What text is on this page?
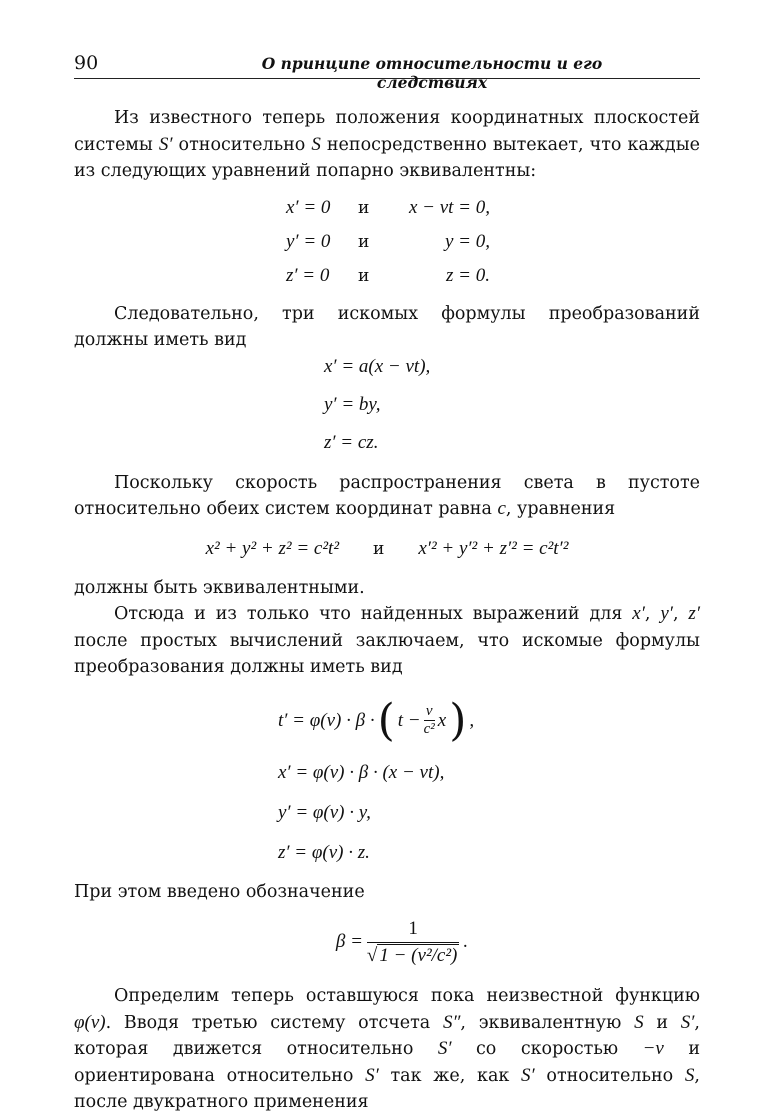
90	О принципе относительности и его следствиях

Из известного теперь положения координатных плоскостей системы S′ относительно S непосредственно вытекает, что каждые из следующих уравнений попарно эквивалентны:

x′ = 0	и	x − vt = 0,
y′ = 0	и	y = 0,
z′ = 0	и	z = 0.

Следовательно, три искомых формулы преобразований должны иметь вид

x′ = a(x − vt),
y′ = by,
z′ = cz.

Поскольку скорость распространения света в пустоте относительно обеих систем координат равна c, уравнения

x² + y² + z² = c²t² и x′² + y′² + z′² = c²t′²

должны быть эквивалентными.

Отсюда и из только что найденных выражений для x′, y′, z′ после простых вычислений заключаем, что искомые формулы преобразования должны иметь вид

t′ = φ(v) · β · ( $t - \frac{v}{\text{c²}}$ x ) ,
x′ = φ(v) · β · (x − vt),
y′ = φ(v) · y,
z′ = φ(v) · z.

При этом введено обозначение

$\beta = \frac{1}{\text{√ 1 − (v²/c²)}}$ .

Определим теперь оставшуюся пока неизвестной функцию φ(v). Вводя третью систему отсчета S″, эквивалентную S и S′, которая движется относительно S′ со скоростью −v и ориентирована относительно S′ так же, как S′ относительно S, после двукратного применения
